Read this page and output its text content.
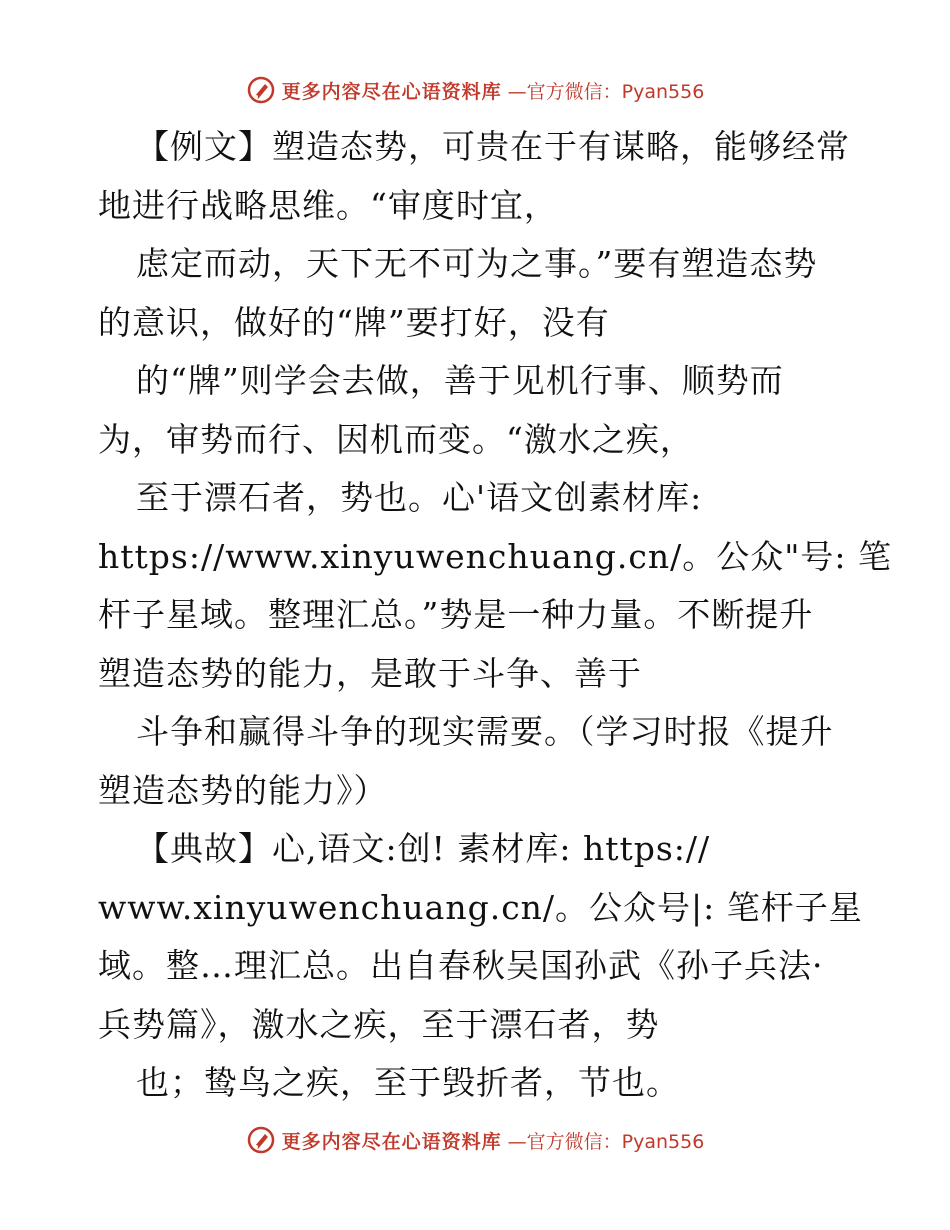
更多内容尽在心语资料库 —官方微信：Pyan556
【例文】塑造态势，可贵在于有谋略，能够经常
地进行战略思维。“审度时宜，
虑定而动，天下无不可为之事。”要有塑造态势
的意识，做好的“牌”要打好，没有
的“牌”则学会去做，善于见机行事、顺势而
为，审势而行、因机而变。“激水之疾，
至于漂石者，势也。心'语文创素材库:
https://www.xinyuwenchuang.cn/。公众"号: 笔
杆子星域。整理汇总。”势是一种力量。不断提升
塑造态势的能力，是敢于斗争、善于
斗争和赢得斗争的现实需要。（学习时报《提升
塑造态势的能力》）
【典故】心,语文:创! 素材库: https://
www.xinyuwenchuang.cn/。公众号|: 笔杆子星
域。整…理汇总。出自春秋吴国孙武《孙子兵法·
兵势篇》，激水之疾，至于漂石者，势
也；鸷鸟之疾，至于毁折者，节也。
更多内容尽在心语资料库 —官方微信：Pyan556
